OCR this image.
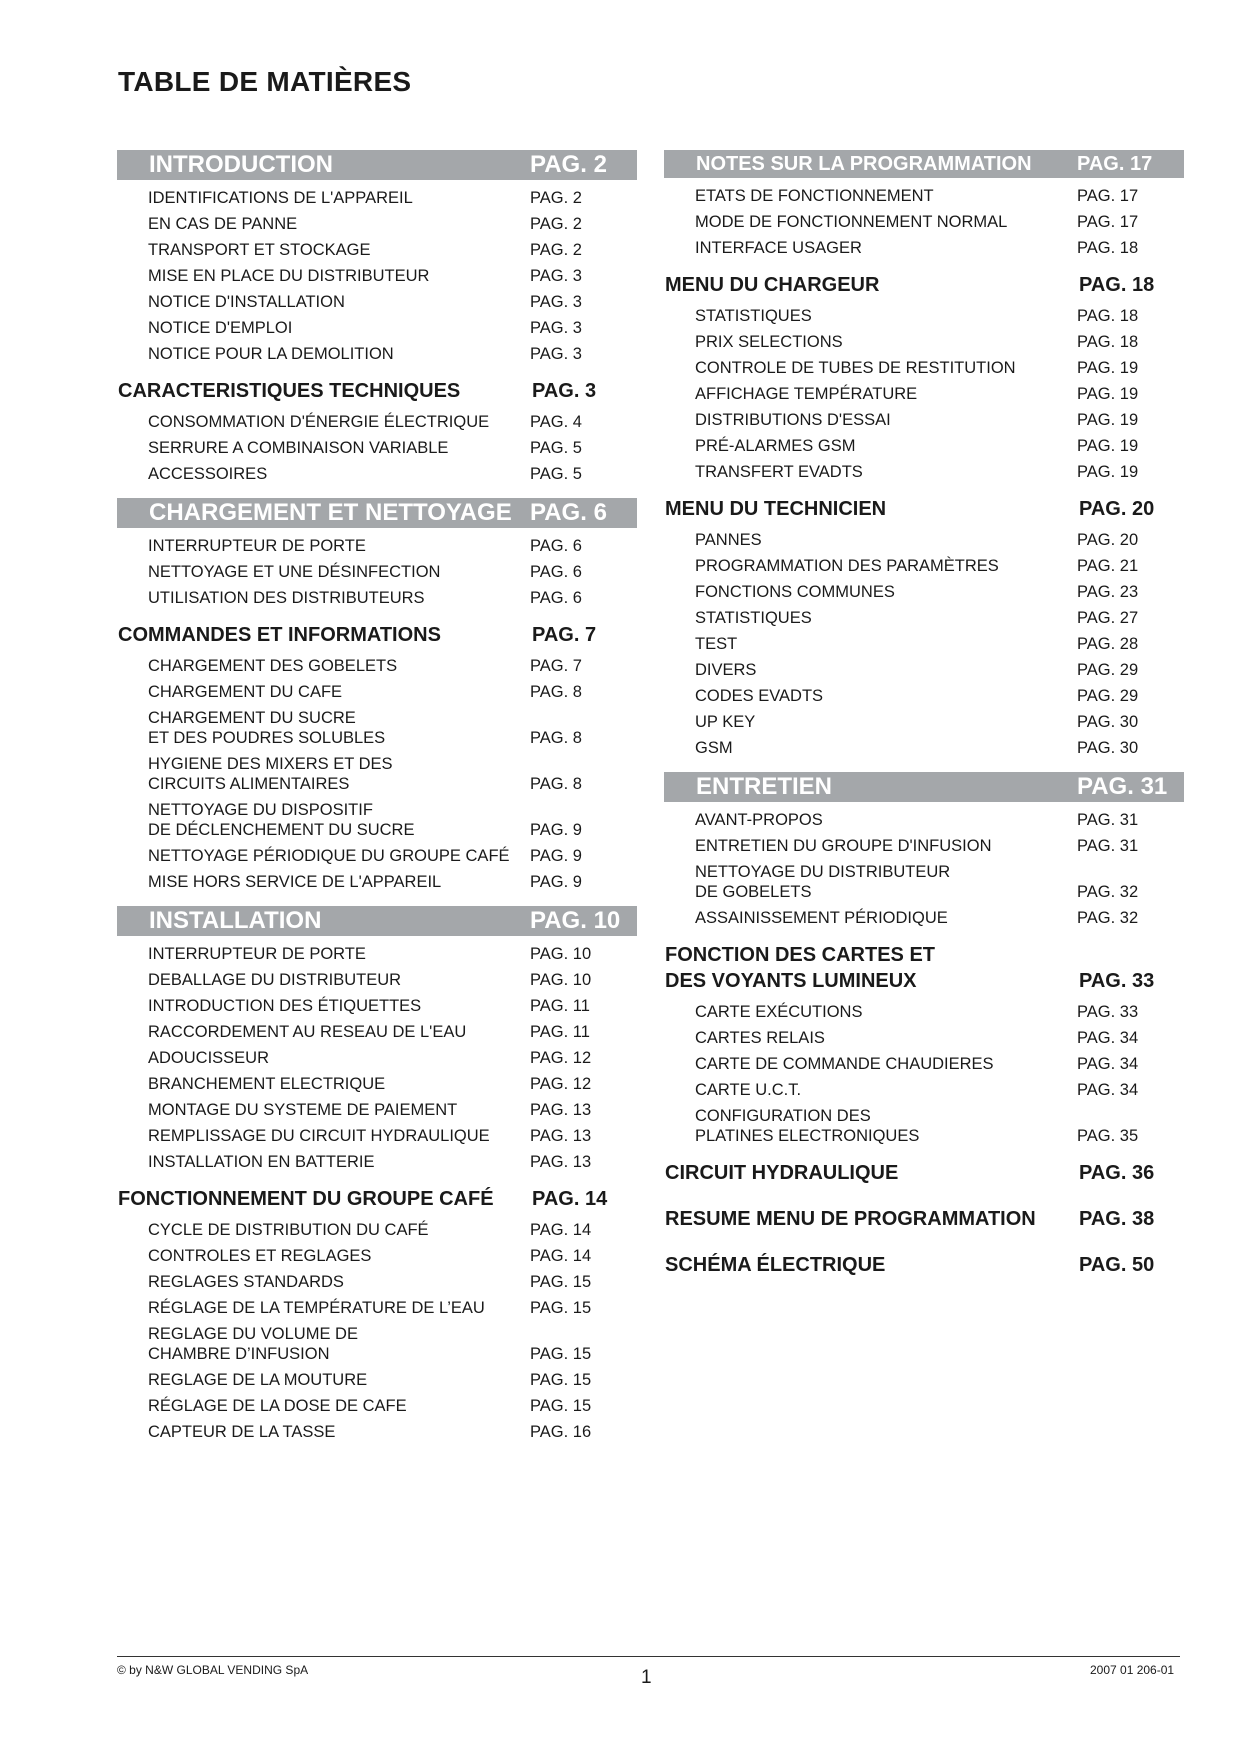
TABLE DE MATIÈRES
INTRODUCTION	PAG. 2
IDENTIFICATIONS DE L'APPAREIL	PAG. 2
EN CAS DE PANNE	PAG. 2
TRANSPORT ET STOCKAGE	PAG. 2
MISE EN PLACE DU DISTRIBUTEUR	PAG. 3
NOTICE D'INSTALLATION	PAG. 3
NOTICE D'EMPLOI	PAG. 3
NOTICE POUR LA DEMOLITION	PAG. 3
CARACTERISTIQUES TECHNIQUES	PAG. 3
CONSOMMATION D'ÉNERGIE ÉLECTRIQUE PAG. 4
SERRURE A COMBINAISON VARIABLE	PAG. 5
ACCESSOIRES	PAG. 5
CHARGEMENT ET NETTOYAGE PAG. 6
INTERRUPTEUR DE PORTE	PAG. 6
NETTOYAGE ET UNE DÉSINFECTION	PAG. 6
UTILISATION DES DISTRIBUTEURS	PAG. 6
COMMANDES ET INFORMATIONS	PAG. 7
CHARGEMENT DES GOBELETS	PAG. 7
CHARGEMENT DU CAFE	PAG. 8
CHARGEMENT DU SUCRE
ET DES POUDRES SOLUBLES	PAG. 8
HYGIENE DES MIXERS ET DES
CIRCUITS ALIMENTAIRES	PAG. 8
NETTOYAGE DU DISPOSITIF
DE DÉCLENCHEMENT DU SUCRE	PAG. 9
NETTOYAGE PÉRIODIQUE DU GROUPE CAFÉ PAG. 9
MISE HORS SERVICE DE L'APPAREIL	PAG. 9
INSTALLATION	PAG. 10
INTERRUPTEUR DE PORTE	PAG. 10
DEBALLAGE DU DISTRIBUTEUR	PAG. 10
INTRODUCTION DES ÉTIQUETTES	PAG. 11
RACCORDEMENT AU RESEAU DE L'EAU	PAG. 11
ADOUCISSEUR	PAG. 12
BRANCHEMENT ELECTRIQUE	PAG. 12
MONTAGE DU SYSTEME DE PAIEMENT	PAG. 13
REMPLISSAGE DU CIRCUIT HYDRAULIQUE PAG. 13
INSTALLATION EN BATTERIE	PAG. 13
FONCTIONNEMENT DU GROUPE CAFÉ PAG. 14
CYCLE DE DISTRIBUTION DU CAFÉ	PAG. 14
CONTROLES ET REGLAGES	PAG. 14
REGLAGES STANDARDS	PAG. 15
RÉGLAGE DE LA TEMPÉRATURE DE L’EAU	PAG. 15
REGLAGE DU VOLUME DE
CHAMBRE D’INFUSION	PAG. 15
REGLAGE DE LA MOUTURE	PAG. 15
RÉGLAGE DE LA DOSE DE CAFE	PAG. 15
CAPTEUR DE LA TASSE	PAG. 16
NOTES SUR LA PROGRAMMATION PAG. 17
ETATS DE FONCTIONNEMENT	PAG. 17
MODE DE FONCTIONNEMENT NORMAL	PAG. 17
INTERFACE USAGER	PAG. 18
MENU DU CHARGEUR	PAG. 18
STATISTIQUES	PAG. 18
PRIX SELECTIONS	PAG. 18
CONTROLE DE TUBES DE RESTITUTION	PAG. 19
AFFICHAGE TEMPÉRATURE	PAG. 19
DISTRIBUTIONS D'ESSAI	PAG. 19
PRÉ-ALARMES GSM	PAG. 19
TRANSFERT EVADTS	PAG. 19
MENU DU TECHNICIEN	PAG. 20
PANNES	PAG. 20
PROGRAMMATION DES PARAMÈTRES	PAG. 21
FONCTIONS COMMUNES	PAG. 23
STATISTIQUES	PAG. 27
TEST	PAG. 28
DIVERS	PAG. 29
CODES EVADTS	PAG. 29
UP KEY	PAG. 30
GSM	PAG. 30
ENTRETIEN	PAG. 31
AVANT-PROPOS	PAG. 31
ENTRETIEN DU GROUPE D'INFUSION	PAG. 31
NETTOYAGE DU DISTRIBUTEUR
DE GOBELETS	PAG. 32
ASSAINISSEMENT PÉRIODIQUE	PAG. 32
FONCTION DES CARTES ET
DES VOYANTS LUMINEUX	PAG. 33
CARTE EXÉCUTIONS	PAG. 33
CARTES RELAIS	PAG. 34
CARTE DE COMMANDE CHAUDIERES	PAG. 34
CARTE U.C.T.	PAG. 34
CONFIGURATION DES
PLATINES ELECTRONIQUES	PAG. 35
CIRCUIT HYDRAULIQUE	PAG. 36
RESUME MENU DE PROGRAMMATION PAG. 38
SCHÉMA ÉLECTRIQUE	PAG. 50
© by N&W GLOBAL VENDING SpA	1	2007 01 206-01
